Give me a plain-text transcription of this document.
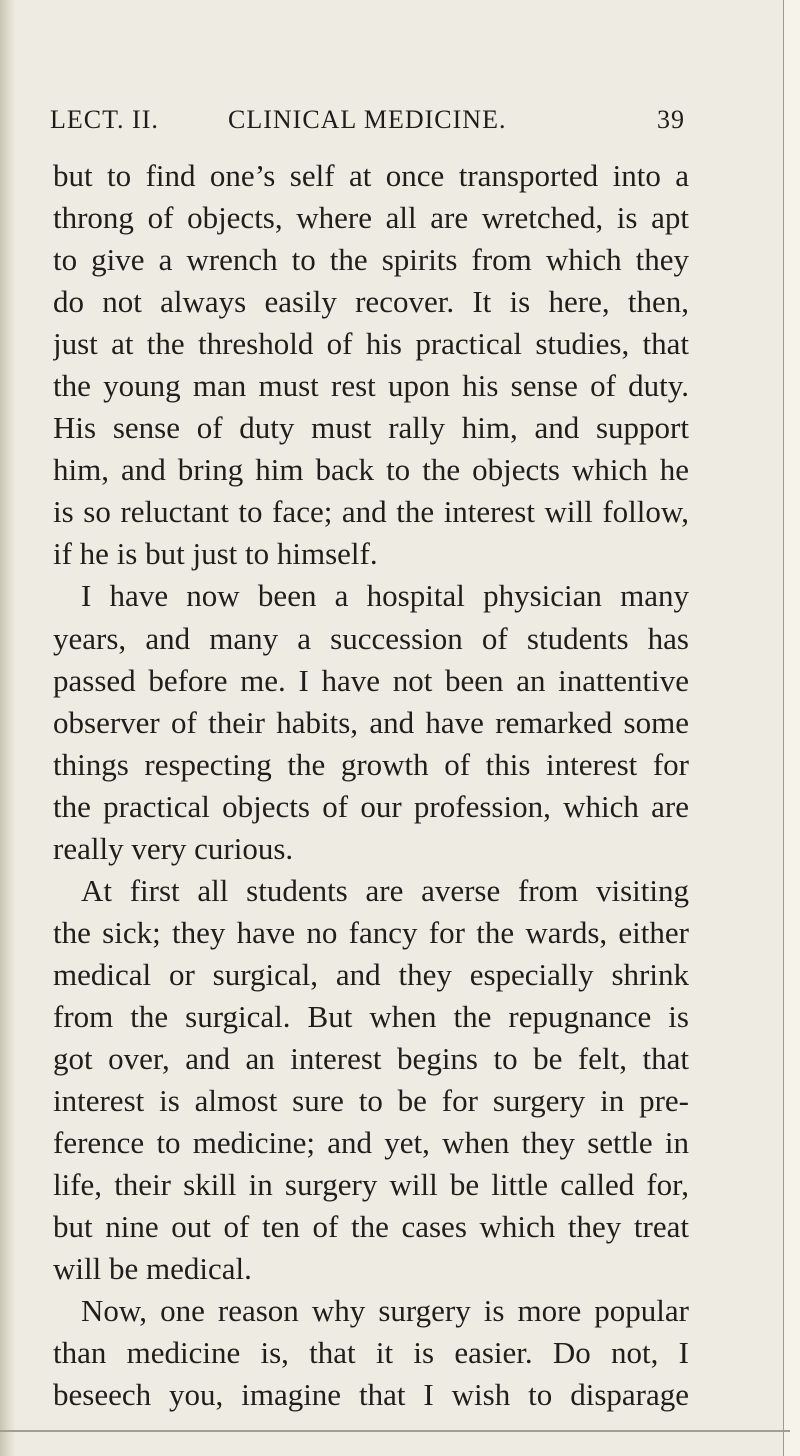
LECT. II.	CLINICAL MEDICINE.	39
but to find one’s self at once transported into a
throng of objects, where all are wretched, is apt
to give a wrench to the spirits from which they
do not always easily recover. It is here, then,
just at the threshold of his practical studies, that
the young man must rest upon his sense of duty.
His sense of duty must rally him, and support
him, and bring him back to the objects which he
is so reluctant to face; and the interest will follow,
if he is but just to himself.
I have now been a hospital physician many
years, and many a succession of students has
passed before me. I have not been an inattentive
observer of their habits, and have remarked some
things respecting the growth of this interest for
the practical objects of our profession, which are
really very curious.
At first all students are averse from visiting
the sick; they have no fancy for the wards, either
medical or surgical, and they especially shrink
from the surgical. But when the repugnance is
got over, and an interest begins to be felt, that
interest is almost sure to be for surgery in pre-
ference to medicine; and yet, when they settle in
life, their skill in surgery will be little called for,
but nine out of ten of the cases which they treat
will be medical.
Now, one reason why surgery is more popular
than medicine is, that it is easier. Do not, I
beseech you, imagine that I wish to disparage
